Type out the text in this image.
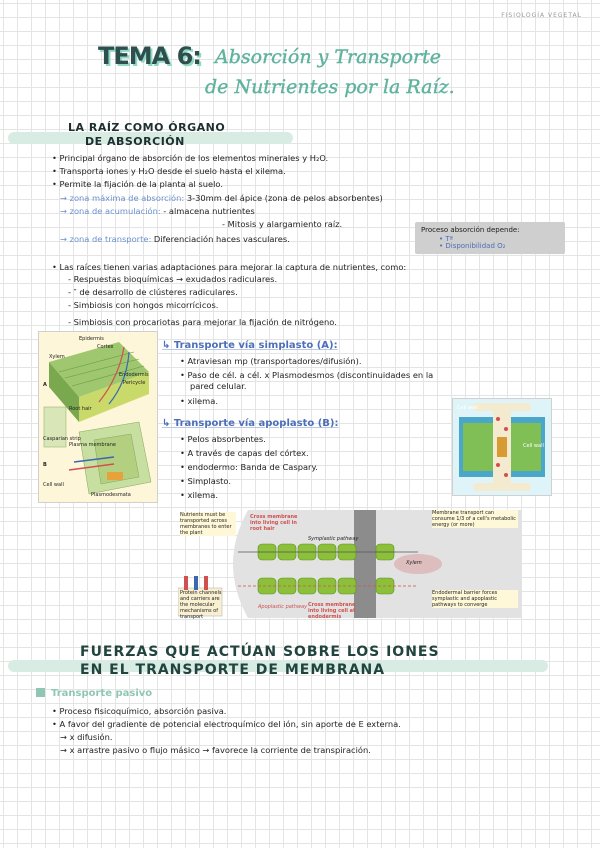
FISIOLOGÍA VEGETAL
TEMA 6: Absorción y Transporte
de Nutrientes por la Raíz.
LA RAÍZ COMO ÓRGANO
DE ABSORCIÓN
• Principal órgano de absorción de los elementos minerales y H₂O.
• Transporta iones y H₂O desde el suelo hasta el xilema.
• Permite la fijación de la planta al suelo.
→ zona máxima de absorción: 3-30mm del ápice (zona de pelos absorbentes)
→ zona de acumulación: - almacena nutrientes
- Mitosis y alargamiento raíz.
→ zona de transporte: Diferenciación haces vasculares.
Proceso absorción depende:
• Tª
• Disponibilidad O₂
• Las raíces tienen varias adaptaciones para mejorar la captura de nutrientes, como:
- Respuestas bioquímicas → exudados radiculares.
- ″ de desarrollo de clústeres radiculares.
- Simbiosis con hongos micorrícicos.
- Simbiosis con procariotas para mejorar la fijación de nitrógeno.
Epidermis
Cortex
Endodermis
Pericycle
Xylem
Root hair
Casparian strip
Plasma membrane
Cell wall
Plasmodesmata
A
B
↳ Transporte vía simplasto (A):
• Atraviesan mp (transportadores/difusión).
• Paso de cél. a cél. x Plasmodesmos (discontinuidades en la
pared celular.
• xilema.
↳ Transporte vía apoplasto (B):
• Pelos absorbentes.
• A través de capas del córtex.
• endodermo: Banda de Caspary.
• Simplasto.
• xilema.
Cell wall
Cell wall
Nutrients must be transported across membranes to enter the plant
Cross membrane into living cell in root hair
Membrane transport can consume 1/3 of a cell's metabolic energy (or more)
Symplastic pathway
Apoplastic pathway Cross membrane into living cell at endodermis
Protein channels and carriers are the molecular mechanisms of transport
Endodermal barrier forces symplastic and apoplastic pathways to converge
Xylem
FUERZAS QUE ACTÚAN SOBRE LOS IONES
EN EL TRANSPORTE DE MEMBRANA
Transporte pasivo
• Proceso fisicoquímico, absorción pasiva.
• A favor del gradiente de potencial electroquímico del ión, sin aporte de E externa.
→ x difusión.
→ x arrastre pasivo o flujo másico → favorece la corriente de transpiración.
